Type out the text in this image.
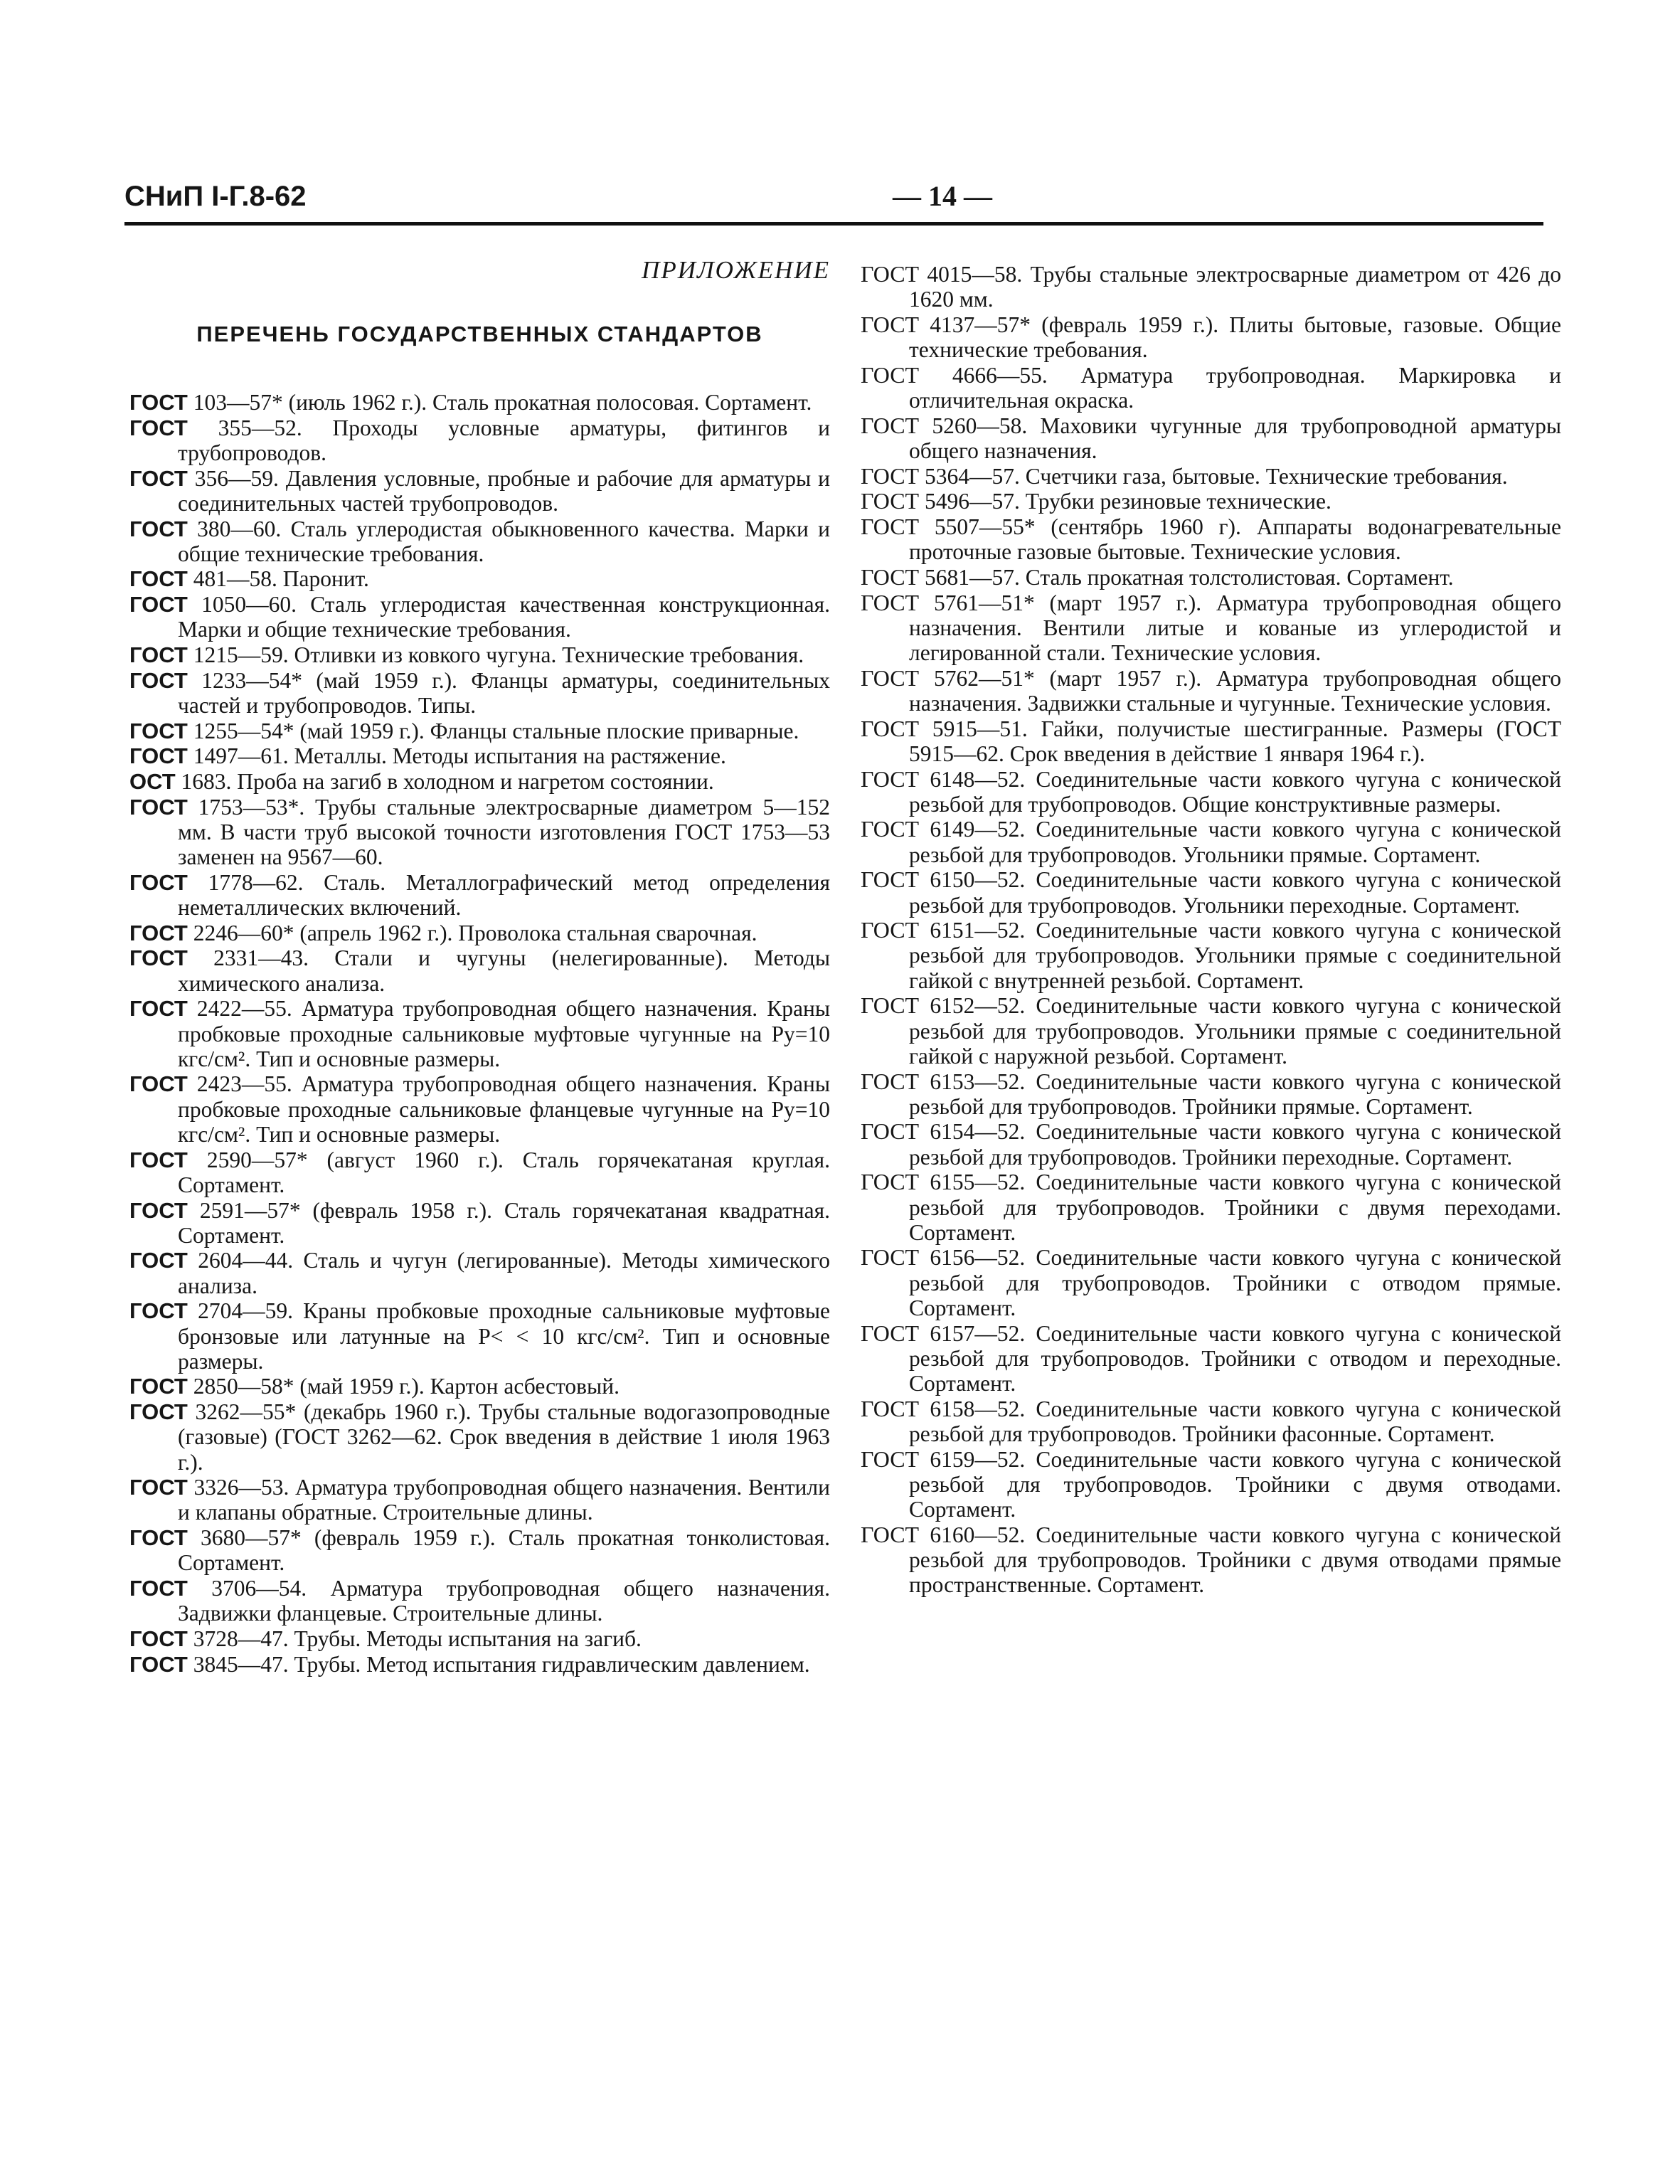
СНиП I-Г.8-62	— 14 —
ПРИЛОЖЕНИЕ
ПЕРЕЧЕНЬ ГОСУДАРСТВЕННЫХ СТАНДАРТОВ
ГОСТ 103—57* (июль 1962 г.). Сталь прокатная полосовая. Сортамент.
ГОСТ 355—52. Проходы условные арматуры, фитингов и трубопроводов.
ГОСТ 356—59. Давления условные, пробные и рабочие для арматуры и соединительных частей трубопроводов.
ГОСТ 380—60. Сталь углеродистая обыкновенного качества. Марки и общие технические требования.
ГОСТ 481—58. Паронит.
ГОСТ 1050—60. Сталь углеродистая качественная конструкционная. Марки и общие технические требования.
ГОСТ 1215—59. Отливки из ковкого чугуна. Технические требования.
ГОСТ 1233—54* (май 1959 г.). Фланцы арматуры, соединительных частей и трубопроводов. Типы.
ГОСТ 1255—54* (май 1959 г.). Фланцы стальные плоские приварные.
ГОСТ 1497—61. Металлы. Методы испытания на растяжение.
ОСТ 1683. Проба на загиб в холодном и нагретом состоянии.
ГОСТ 1753—53*. Трубы стальные электросварные диаметром 5—152 мм. В части труб высокой точности изготовления ГОСТ 1753—53 заменен на 9567—60.
ГОСТ 1778—62. Сталь. Металлографический метод определения неметаллических включений.
ГОСТ 2246—60* (апрель 1962 г.). Проволока стальная сварочная.
ГОСТ 2331—43. Стали и чугуны (нелегированные). Методы химического анализа.
ГОСТ 2422—55. Арматура трубопроводная общего назначения. Краны пробковые проходные сальниковые муфтовые чугунные на Pу=10 кгс/см². Тип и основные размеры.
ГОСТ 2423—55. Арматура трубопроводная общего назначения. Краны пробковые проходные сальниковые фланцевые чугунные на Pу=10 кгс/см². Тип и основные размеры.
ГОСТ 2590—57* (август 1960 г.). Сталь горячекатаная круглая. Сортамент.
ГОСТ 2591—57* (февраль 1958 г.). Сталь горячекатаная квадратная. Сортамент.
ГОСТ 2604—44. Сталь и чугун (легированные). Методы химического анализа.
ГОСТ 2704—59. Краны пробковые проходные сальниковые муфтовые бронзовые или латунные на P< < 10 кгс/см². Тип и основные размеры.
ГОСТ 2850—58* (май 1959 г.). Картон асбестовый.
ГОСТ 3262—55* (декабрь 1960 г.). Трубы стальные водогазопроводные (газовые) (ГОСТ 3262—62. Срок введения в действие 1 июля 1963 г.).
ГОСТ 3326—53. Арматура трубопроводная общего назначения. Вентили и клапаны обратные. Строительные длины.
ГОСТ 3680—57* (февраль 1959 г.). Сталь прокатная тонколистовая. Сортамент.
ГОСТ 3706—54. Арматура трубопроводная общего назначения. Задвижки фланцевые. Строительные длины.
ГОСТ 3728—47. Трубы. Методы испытания на загиб.
ГОСТ 3845—47. Трубы. Метод испытания гидравлическим давлением.
ГОСТ 4015—58. Трубы стальные электросварные диаметром от 426 до 1620 мм.
ГОСТ 4137—57* (февраль 1959 г.). Плиты бытовые, газовые. Общие технические требования.
ГОСТ 4666—55. Арматура трубопроводная. Маркировка и отличительная окраска.
ГОСТ 5260—58. Маховики чугунные для трубопроводной арматуры общего назначения.
ГОСТ 5364—57. Счетчики газа, бытовые. Технические требования.
ГОСТ 5496—57. Трубки резиновые технические.
ГОСТ 5507—55* (сентябрь 1960 г). Аппараты водонагревательные проточные газовые бытовые. Технические условия.
ГОСТ 5681—57. Сталь прокатная толстолистовая. Сортамент.
ГОСТ 5761—51* (март 1957 г.). Арматура трубопроводная общего назначения. Вентили литые и кованые из углеродистой и легированной стали. Технические условия.
ГОСТ 5762—51* (март 1957 г.). Арматура трубопроводная общего назначения. Задвижки стальные и чугунные. Технические условия.
ГОСТ 5915—51. Гайки, получистые шестигранные. Размеры (ГОСТ 5915—62. Срок введения в действие 1 января 1964 г.).
ГОСТ 6148—52. Соединительные части ковкого чугуна с конической резьбой для трубопроводов. Общие конструктивные размеры.
ГОСТ 6149—52. Соединительные части ковкого чугуна с конической резьбой для трубопроводов. Угольники прямые. Сортамент.
ГОСТ 6150—52. Соединительные части ковкого чугуна с конической резьбой для трубопроводов. Угольники переходные. Сортамент.
ГОСТ 6151—52. Соединительные части ковкого чугуна с конической резьбой для трубопроводов. Угольники прямые с соединительной гайкой с внутренней резьбой. Сортамент.
ГОСТ 6152—52. Соединительные части ковкого чугуна с конической резьбой для трубопроводов. Угольники прямые с соединительной гайкой с наружной резьбой. Сортамент.
ГОСТ 6153—52. Соединительные части ковкого чугуна с конической резьбой для трубопроводов. Тройники прямые. Сортамент.
ГОСТ 6154—52. Соединительные части ковкого чугуна с конической резьбой для трубопроводов. Тройники переходные. Сортамент.
ГОСТ 6155—52. Соединительные части ковкого чугуна с конической резьбой для трубопроводов. Тройники с двумя переходами. Сортамент.
ГОСТ 6156—52. Соединительные части ковкого чугуна с конической резьбой для трубопроводов. Тройники с отводом прямые. Сортамент.
ГОСТ 6157—52. Соединительные части ковкого чугуна с конической резьбой для трубопроводов. Тройники с отводом и переходные. Сортамент.
ГОСТ 6158—52. Соединительные части ковкого чугуна с конической резьбой для трубопроводов. Тройники фасонные. Сортамент.
ГОСТ 6159—52. Соединительные части ковкого чугуна с конической резьбой для трубопроводов. Тройники с двумя отводами. Сортамент.
ГОСТ 6160—52. Соединительные части ковкого чугуна с конической резьбой для трубопроводов. Тройники с двумя отводами прямые пространственные. Сортамент.
